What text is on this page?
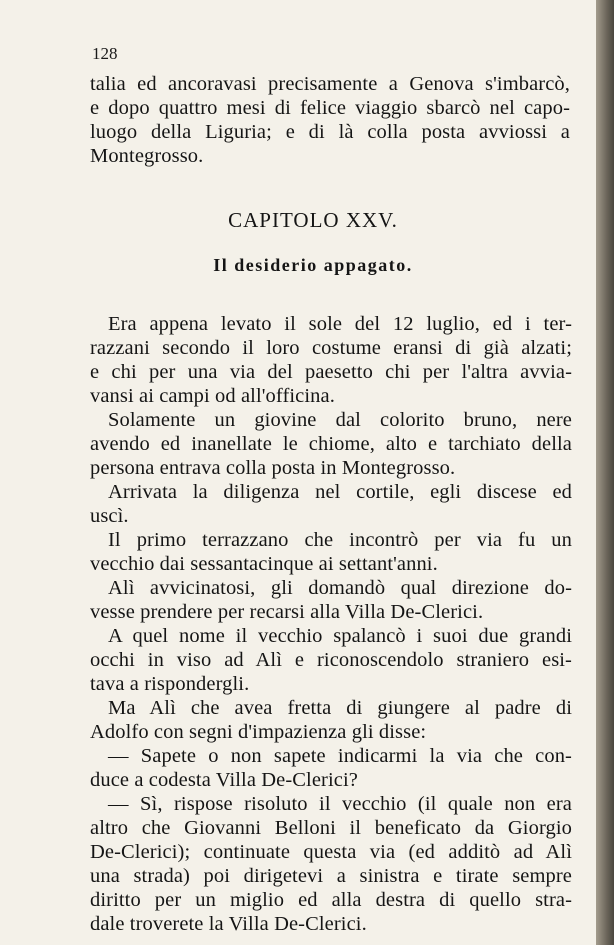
128
talia ed ancoravasi precisamente a Genova s'imbarcò,
e dopo quattro mesi di felice viaggio sbarcò nel capo-
luogo della Liguria; e di là colla posta avviossi a
Montegrosso.
CAPITOLO XXV.
Il desiderio appagato.
Era appena levato il sole del 12 luglio, ed i ter-
razzani secondo il loro costume eransi di già alzati;
e chi per una via del paesetto chi per l'altra avvia-
vansi ai campi od all'officina.
Solamente un giovine dal colorito bruno, nere
avendo ed inanellate le chiome, alto e tarchiato della
persona entrava colla posta in Montegrosso.
Arrivata la diligenza nel cortile, egli discese ed
uscì.
Il primo terrazzano che incontrò per via fu un
vecchio dai sessantacinque ai settant'anni.
Alì avvicinatosi, gli domandò qual direzione do-
vesse prendere per recarsi alla Villa De-Clerici.
A quel nome il vecchio spalancò i suoi due grandi
occhi in viso ad Alì e riconoscendolo straniero esi-
tava a rispondergli.
Ma Alì che avea fretta di giungere al padre di
Adolfo con segni d'impazienza gli disse:
— Sapete o non sapete indicarmi la via che con-
duce a codesta Villa De-Clerici?
— Sì, rispose risoluto il vecchio (il quale non era
altro che Giovanni Belloni il beneficato da Giorgio
De-Clerici); continuate questa via (ed additò ad Alì
una strada) poi dirigetevi a sinistra e tirate sempre
diritto per un miglio ed alla destra di quello stra-
dale troverete la Villa De-Clerici.
